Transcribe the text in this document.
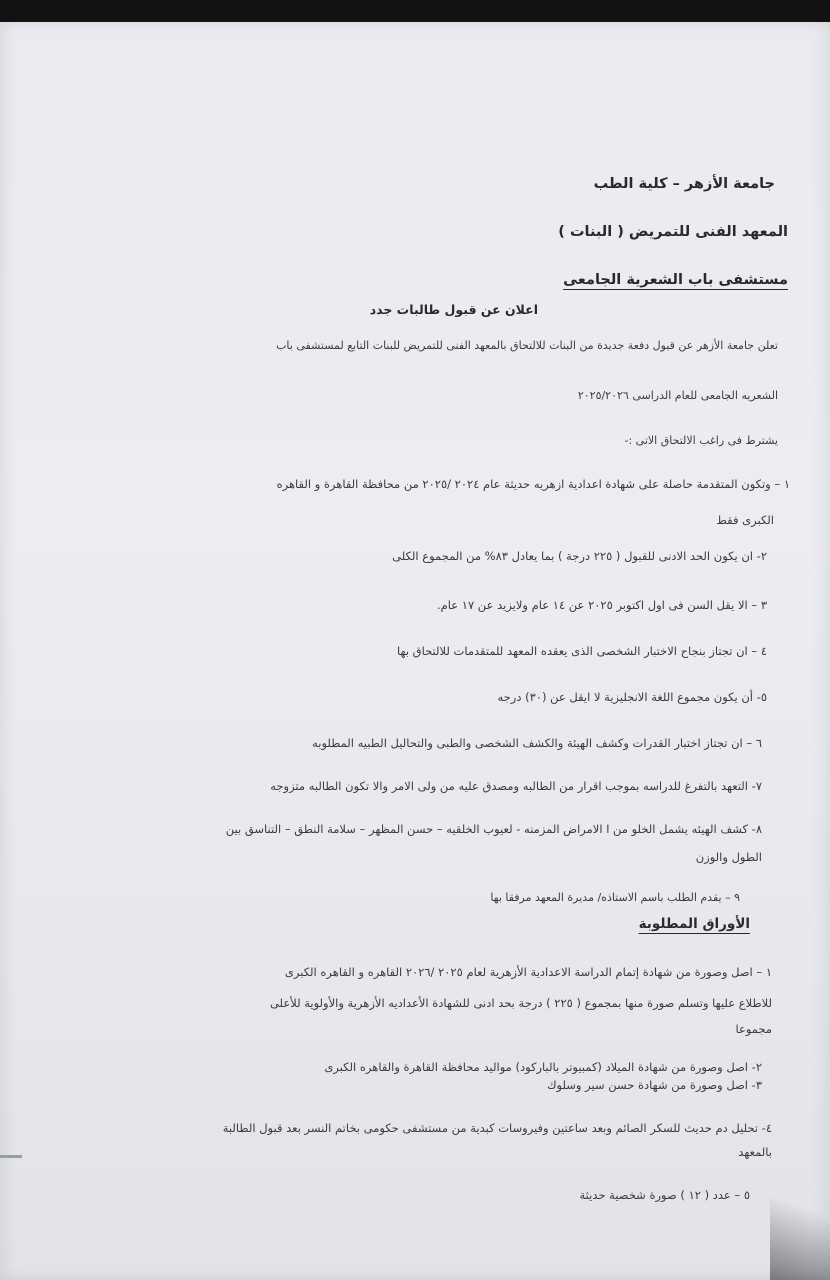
جامعة الأزهر – كلية الطب
المعهد الفنى للتمريض ( البنات )
مستشفى باب الشعرية الجامعى
اعلان عن قبول طالبات جدد
تعلن جامعة الأزهر عن قبول دفعة جديدة من البنات للالتحاق بالمعهد الفنى للتمريض للبنات التابع لمستشفى باب
الشعريه الجامعى للعام الدراسى ٢٠٢٥/٢٠٢٦
يشترط فى راغب الالتحاق الاتى :-
١ – وتكون المتقدمة حاصلة على شهادة اعدادية ازهريه حديثة عام ٢٠٢٤ /٢٠٢٥ من محافظة القاهرة و القاهره
الكبرى فقط
٢- ان يكون الحد الادنى للقبول ( ٢٢٥ درجة ) بما يعادل ٨٣% من المجموع الكلى
٣ – الا يقل السن فى اول اكتوبر ٢٠٢٥ عن ١٤ عام ولايزيد عن ١٧ عام.
٤ – ان تجتاز بنجاح الاختبار الشخصى الذى يعقده المعهد للمتقدمات للالتحاق بها
٥- أن يكون مجموع اللغة الانجليزية لا ايقل عن (٣٠) درجه
٦ – ان تجتاز اختبار القدرات وكشف الهيئة والكشف الشخصى والطبى والتحاليل الطبيه المطلوبه
٧- التعهد بالتفرغ للدراسه بموجب اقرار من الطالبه ومصدق عليه من ولى الامر والا تكون الطالبه متزوجه
٨- كشف الهيئه يشمل الخلو من ا الامراض المزمنه - لعيوب الخلقيه – حسن المظهر – سلامة النطق – التناسق بين
الطول والوزن
٩ – يقدم الطلب باسم الاستاذه/ مديرة المعهد مرفقا بها
الأوراق المطلوبة
١ – اصل وصورة من شهادة إتمام الدراسة الاعدادية الأزهرية لعام ٢٠٢٥ /٢٠٢٦ القاهره و القاهره الكبرى
للاطلاع عليها وتسلم صورة منها بمجموع ( ٢٢٥ ) درجة بحد ادنى للشهادة الأعداديه الأزهرية والأولوية للأعلى
مجموعا
٢- اصل وصورة من شهادة الميلاد (كمبيوتر بالباركود) مواليد محافظة القاهرة والقاهره الكبرى
٣- اصل وصورة من شهادة حسن سير وسلوك
٤- تحليل دم حديث للسكر الصائم وبعد ساعتين وفيروسات كبدية من مستشفى حكومى بخاتم النسر بعد قبول الطالبة
بالمعهد
٥ – عدد ( ١٢ ) صورة شخصية حديثة
